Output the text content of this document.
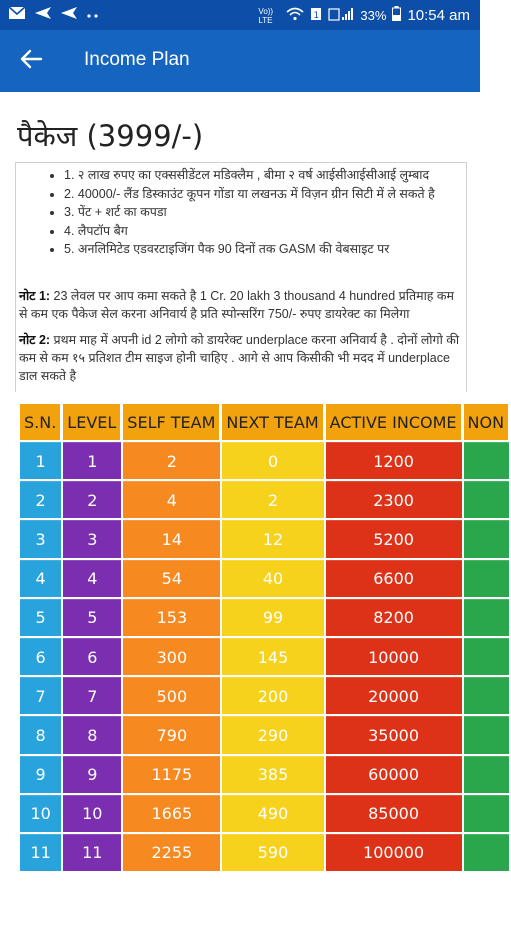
Vo)) LTE	1	33% 10:54 am
Income Plan
पैकेज (3999/-)
• 1. २ लाख रुपए का एक्ससीडेंटल मडिक्लैम , बीमा २ वर्ष आईसीआईसीआई लुम्बाद
• 2. 40000/- लैंड डिस्काउंट कूपन गोंडा या लखनऊ में विज़न ग्रीन सिटी में ले सकते है
• 3. पेंट + शर्ट का कपडा
• 4. लैपटॉप बैग
• 5. अनलिमिटेड एडवरटाइजिंग पैक 90 दिनों तक GASM की वेबसाइट पर
नोट 1: 23 लेवल पर आप कमा सकते है 1 Cr. 20 lakh 3 thousand 4 hundred प्रतिमाह कम से कम एक पैकेज सेल करना अनिवार्य है प्रति स्पोन्सरिंग 750/- रुपए डायरेक्ट का मिलेगा
नोट 2: प्रथम माह में अपनी id 2 लोगो को डायरेक्ट underplace करना अनिवार्य है . दोनों लोगो की कम से कम १५ प्रतिशत टीम साइज होनी चाहिए . आगे से आप किसीकी भी मदद में underplace डाल सकते है
S.N.	LEVEL	SELF TEAM	NEXT TEAM	ACTIVE INCOME	NON
1	1	2	0	1200	
2	2	4	2	2300	
3	3	14	12	5200	
4	4	54	40	6600	
5	5	153	99	8200	
6	6	300	145	10000	
7	7	500	200	20000	
8	8	790	290	35000	
9	9	1175	385	60000	
10	10	1665	490	85000	
11	11	2255	590	100000	
